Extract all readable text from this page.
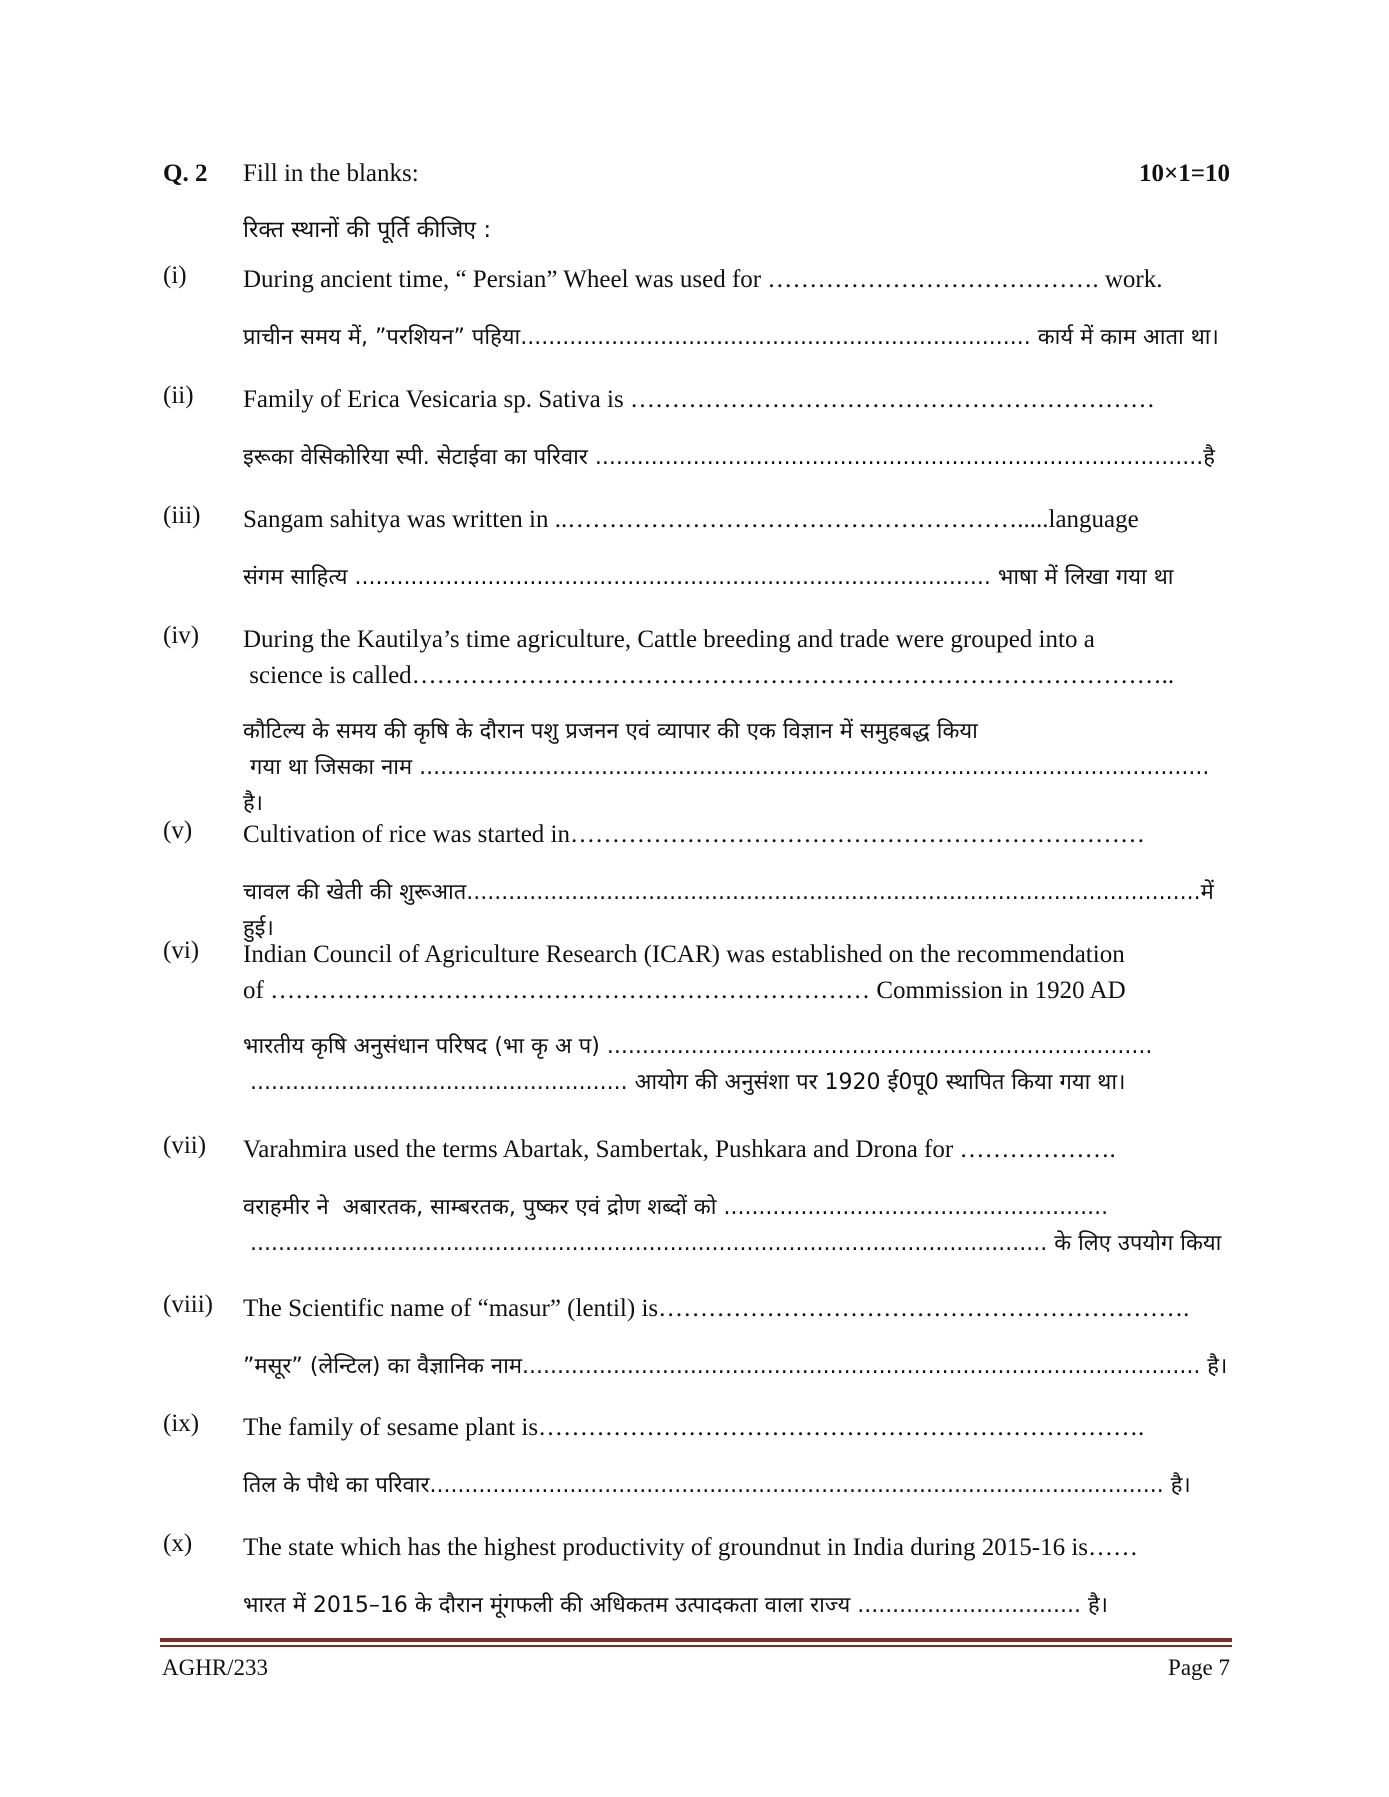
Q. 2 Fill in the blanks:	10×1=10
रिक्त स्थानों की पूर्ति कीजिए :
(i) During ancient time, “ Persian” Wheel was used for …………………………………. work.
प्राचीन समय में, ”परशियन” पहिया......................................................................... कार्य में काम आता था।
(ii) Family of Erica Vesicaria sp. Sativa is ………………………………………………………
इरूका वेसिकोरिया स्पी. सेटाईवा का परिवार .......................................................................................है
(iii) Sangam sahitya was written in ..……………………………………………….....language
संगम साहित्य ........................................................................................... भाषा में लिखा गया था
(iv) During the Kautilya’s time agriculture, Cattle breeding and trade were grouped into a
science is called………………………………………………………………………………..
कौटिल्य के समय की कृषि के दौरान पशु प्रजनन एवं व्यापार की एक विज्ञान में समुहबद्ध किया
गया था जिसका नाम ................................................................................................................. है।
(v) Cultivation of rice was started in……………………………………………………………
चावल की खेती की शुरूआत.........................................................................................................में हुई।
(vi) Indian Council of Agriculture Research (ICAR) was established on the recommendation
of ……………………………………………………………… Commission in 1920 AD
भारतीय कृषि अनुसंधान परिषद (भा कृ अ प) ..............................................................................
...................................................... आयोग की अनुसंशा पर 1920 ई0पू0 स्थापित किया गया था।
(vii) Varahmira used the terms Abartak, Sambertak, Pushkara and Drona for ……………….
वराहमीर ने  अबारतक, साम्बरतक, पुष्कर एवं द्रोण शब्दों को .......................................................
.................................................................................................................. के लिए उपयोग किया
(viii) The Scientific name of “masur” (lentil) is……………………………………………………….
”मसूर” (लेन्टिल) का वैज्ञानिक नाम................................................................................................. है।
(ix) The family of sesame plant is……………………………………………………………….
तिल के पौधे का परिवार......................................................................................................... है।
(x) The state which has the highest productivity of groundnut in India during 2015-16 is……
भारत में 2015–16 के दौरान मूंगफली की अधिकतम उत्पादकता वाला राज्य ................................ है।
AGHR/233	Page 7
